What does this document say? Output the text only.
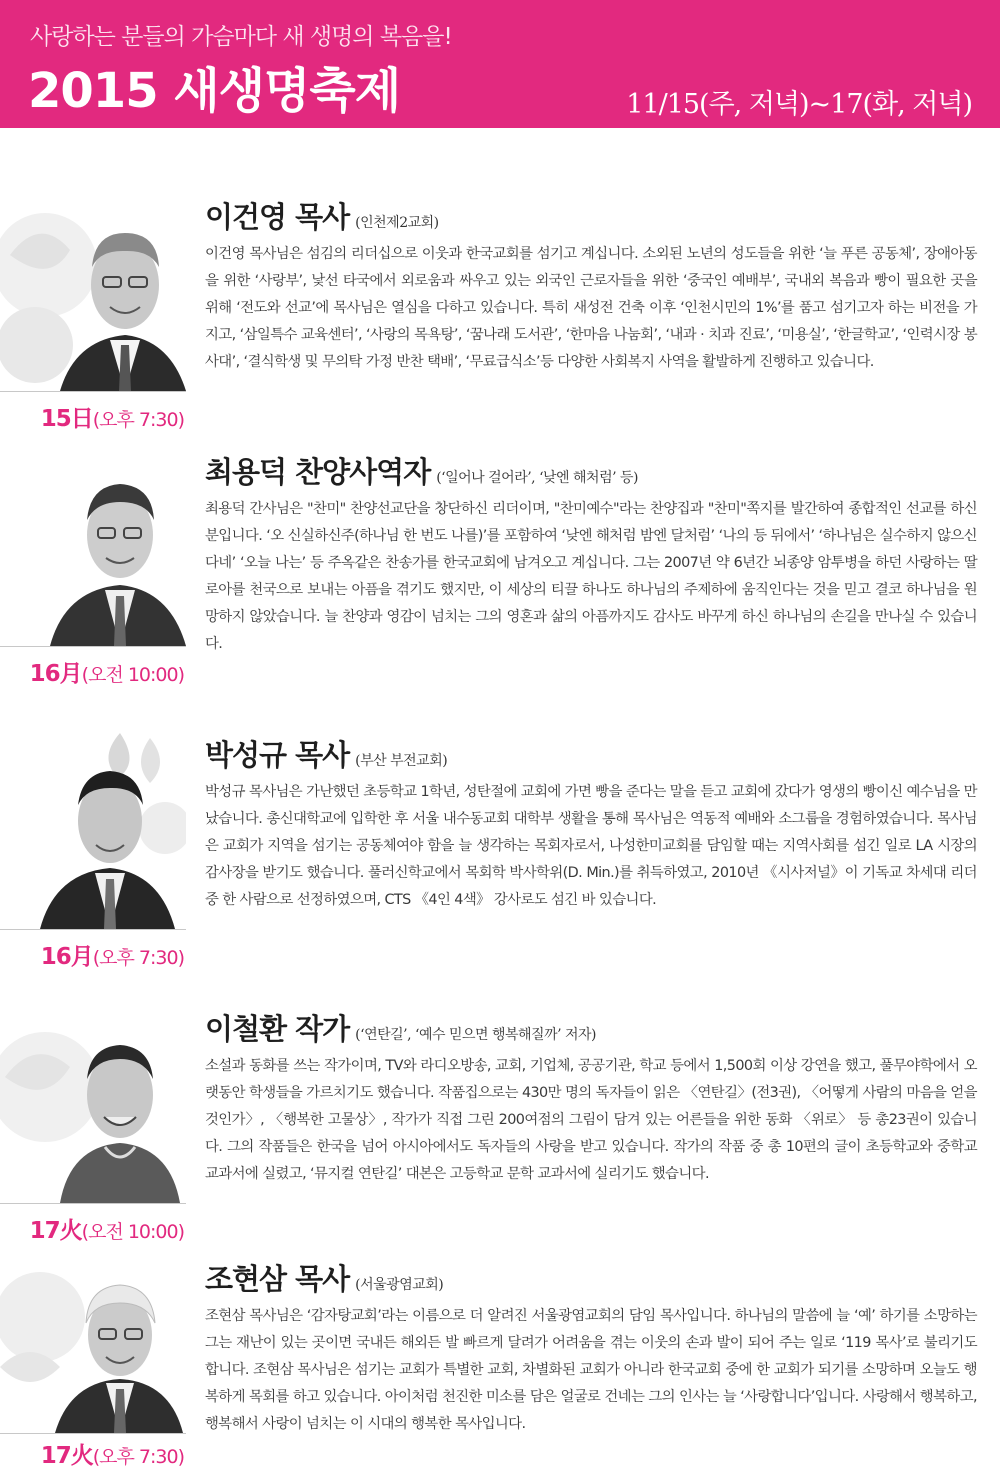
사랑하는 분들의 가슴마다 새 생명의 복음을!
2015 새생명축제	11/15(주, 저녁)~17(화, 저녁)
15日(오후 7:30)
이건영 목사 (인천제2교회)

이건영 목사님은 섬김의 리더십으로 이웃과 한국교회를 섬기고 계십니다. 소외된 노년의 성도들을 위한 ‘늘 푸른 공동체’, 장애아동을 위한 ‘사랑부’, 낯선 타국에서 외로움과 싸우고 있는 외국인 근로자들을 위한 ‘중국인 예배부’, 국내외 복음과 빵이 필요한 곳을 위해 ‘전도와 선교’에 목사님은 열심을 다하고 있습니다. 특히 새성전 건축 이후 ‘인천시민의 1%’를 품고 섬기고자 하는 비전을 가지고, ‘삼일특수 교육센터’, ‘사랑의 목욕탕’, ‘꿈나래 도서관’, ‘한마음 나눔회’, ‘내과 · 치과 진료’, ‘미용실’, ‘한글학교’, ‘인력시장 봉사대’, ‘결식학생 및 무의탁 가정 반찬 택배’, ‘무료급식소’등 다양한 사회복지 사역을 활발하게 진행하고 있습니다.

16月(오전 10:00)
최용덕 찬양사역자 (‘일어나 걸어라’, ‘낮엔 해처럼’ 등)

최용덕 간사님은 "찬미" 찬양선교단을 창단하신 리더이며, "찬미예수"라는 찬양집과 "찬미"쪽지를 발간하여 종합적인 선교를 하신 분입니다. ‘오 신실하신주(하나님 한 번도 나를)’를 포함하여 ‘낮엔 해처럼 밤엔 달처럼’ ‘나의 등 뒤에서’ ‘하나님은 실수하지 않으신다네’ ‘오늘 나는’ 등 주옥같은 찬송가를 한국교회에 남겨오고 계십니다. 그는 2007년 약 6년간 뇌종양 암투병을 하던 사랑하는 딸 로아를 천국으로 보내는 아픔을 겪기도 했지만, 이 세상의 티끌 하나도 하나님의 주제하에 움직인다는 것을 믿고 결코 하나님을 원망하지 않았습니다. 늘 찬양과 영감이 넘치는 그의 영혼과 삶의 아픔까지도 감사도 바꾸게 하신 하나님의 손길을 만나실 수 있습니다.

16月(오후 7:30)
박성규 목사 (부산 부전교회)

박성규 목사님은 가난했던 초등학교 1학년, 성탄절에 교회에 가면 빵을 준다는 말을 듣고 교회에 갔다가 영생의 빵이신 예수님을 만났습니다. 총신대학교에 입학한 후 서울 내수동교회 대학부 생활을 통해 목사님은 역동적 예배와 소그룹을 경험하였습니다. 목사님은 교회가 지역을 섬기는 공동체여야 함을 늘 생각하는 목회자로서, 나성한미교회를 담임할 때는 지역사회를 섬긴 일로 LA 시장의 감사장을 받기도 했습니다. 풀러신학교에서 목회학 박사학위(D. Min.)를 취득하였고, 2010년 《시사저널》이 기독교 차세대 리더 중 한 사람으로 선정하였으며, CTS 《4인 4색》 강사로도 섬긴 바 있습니다.

17火(오전 10:00)
이철환 작가 (‘연탄길’, ‘예수 믿으면 행복해질까’ 저자)

소설과 동화를 쓰는 작가이며, TV와 라디오방송, 교회, 기업체, 공공기관, 학교 등에서 1,500회 이상 강연을 했고, 풀무야학에서 오랫동안 학생들을 가르치기도 했습니다. 작품집으로는 430만 명의 독자들이 읽은 〈연탄길〉(전3권), 〈어떻게 사람의 마음을 얻을 것인가〉, 〈행복한 고물상〉, 작가가 직접 그린 200여점의 그림이 담겨 있는 어른들을 위한 동화 〈위로〉 등 총23권이 있습니다. 그의 작품들은 한국을 넘어 아시아에서도 독자들의 사랑을 받고 있습니다. 작가의 작품 중 총 10편의 글이 초등학교와 중학교 교과서에 실렸고, ‘뮤지컬 연탄길’ 대본은 고등학교 문학 교과서에 실리기도 했습니다.

17火(오후 7:30)
조현삼 목사 (서울광염교회)

조현삼 목사님은 ‘감자탕교회’라는 이름으로 더 알려진 서울광염교회의 담임 목사입니다. 하나님의 말씀에 늘 ‘예’ 하기를 소망하는 그는 재난이 있는 곳이면 국내든 해외든 발 빠르게 달려가 어려움을 겪는 이웃의 손과 발이 되어 주는 일로 ‘119 목사’로 불리기도 합니다. 조현삼 목사님은 섬기는 교회가 특별한 교회, 차별화된 교회가 아니라 한국교회 중에 한 교회가 되기를 소망하며 오늘도 행복하게 목회를 하고 있습니다. 아이처럼 천진한 미소를 담은 얼굴로 건네는 그의 인사는 늘 ‘사랑합니다’입니다. 사랑해서 행복하고, 행복해서 사랑이 넘치는 이 시대의 행복한 목사입니다.
